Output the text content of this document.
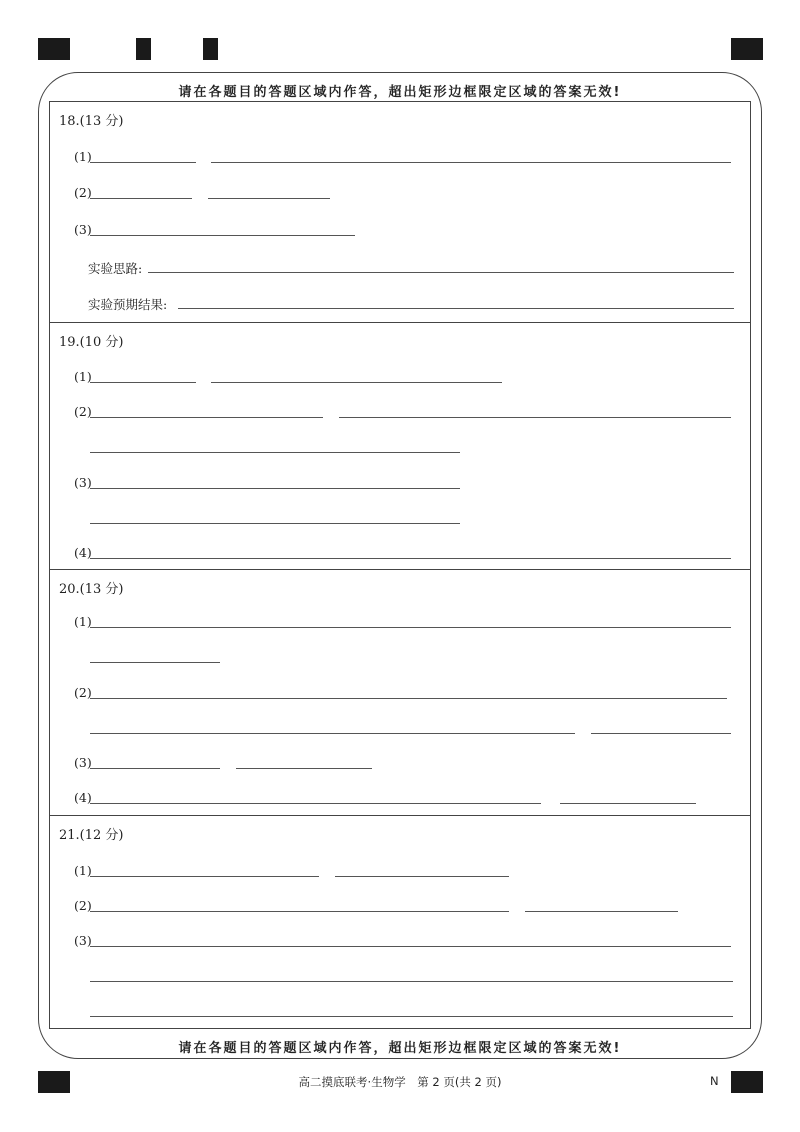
请在各题目的答题区域内作答，超出矩形边框限定区域的答案无效!
请在各题目的答题区域内作答，超出矩形边框限定区域的答案无效!
18.(13 分)
(1)
(2)
(3)
实验思路:
实验预期结果:
19.(10 分)
(1)
(2)
(3)
(4)
20.(13 分)
(1)
(2)
(3)
(4)
21.(12 分)
(1)
(2)
(3)
高二摸底联考·生物学　第 2 页(共 2 页)	N
